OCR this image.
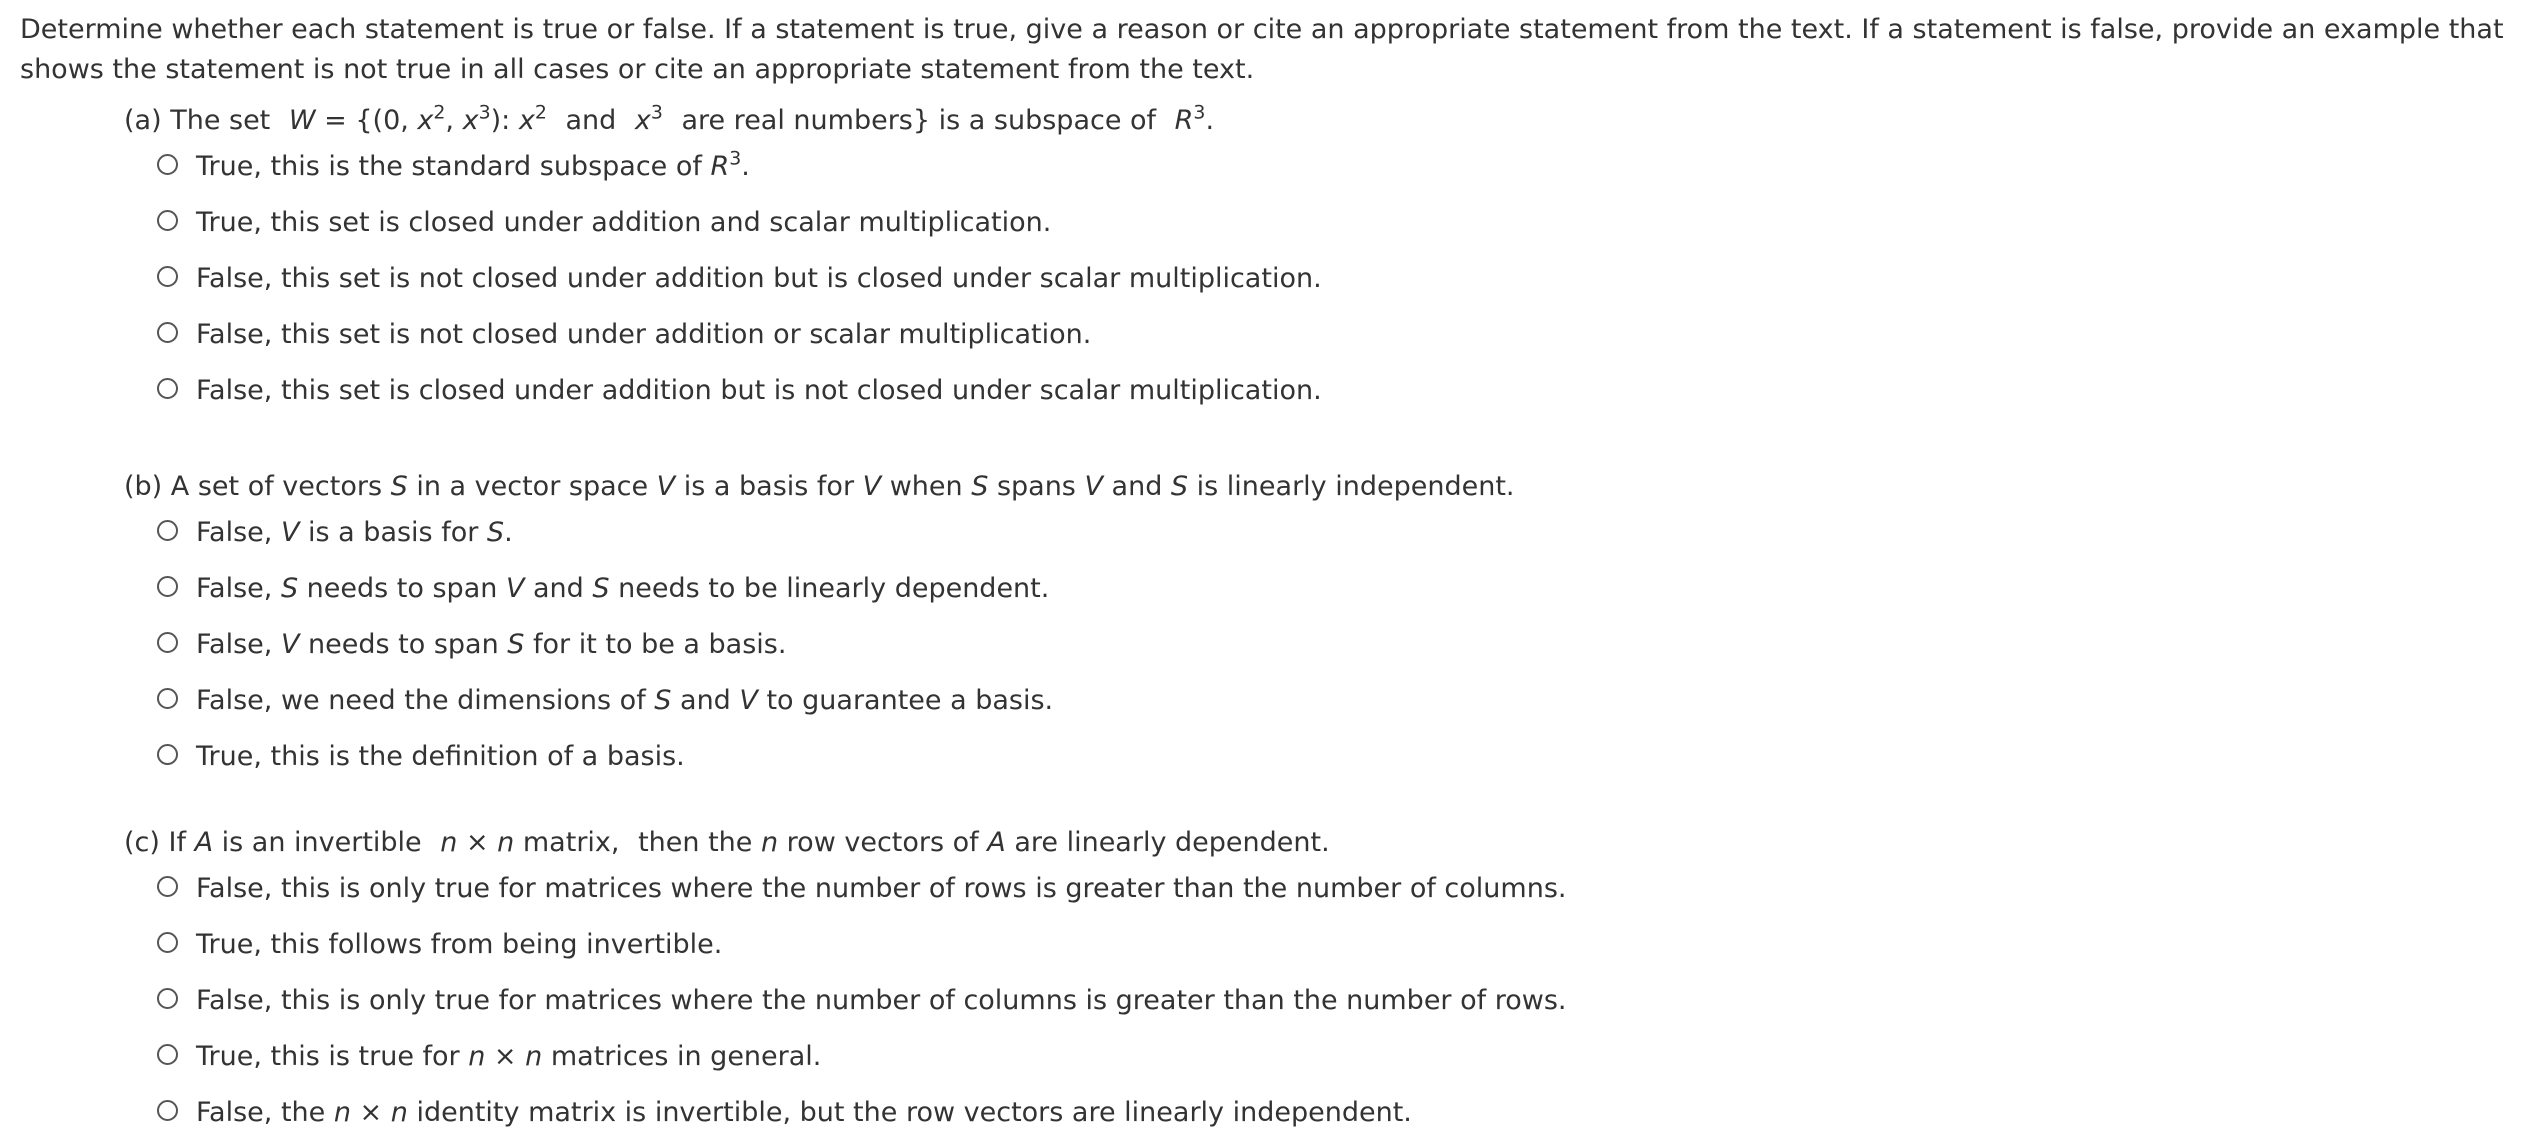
Determine whether each statement is true or false. If a statement is true, give a reason or cite an appropriate statement from the text. If a statement is false, provide an example that shows the statement is not true in all cases or cite an appropriate statement from the text.

(a) The set W = {(0, $x^2$, $x^3$): $x^2$ and $x^3$ are real numbers} is a subspace of $R^3$.
True, this is the standard subspace of $R^3$.
True, this set is closed under addition and scalar multiplication.
False, this set is not closed under addition but is closed under scalar multiplication.
False, this set is not closed under addition or scalar multiplication.
False, this set is closed under addition but is not closed under scalar multiplication.
(b) A set of vectors S in a vector space V is a basis for V when S spans V and S is linearly independent.
False, V is a basis for S.
False, S needs to span V and S needs to be linearly dependent.
False, V needs to span S for it to be a basis.
False, we need the dimensions of S and V to guarantee a basis.
True, this is the definition of a basis.
(c) If A is an invertible n × n matrix, then the n row vectors of A are linearly dependent.
False, this is only true for matrices where the number of rows is greater than the number of columns.
True, this follows from being invertible.
False, this is only true for matrices where the number of columns is greater than the number of rows.
True, this is true for n × n matrices in general.
False, the n × n identity matrix is invertible, but the row vectors are linearly independent.
